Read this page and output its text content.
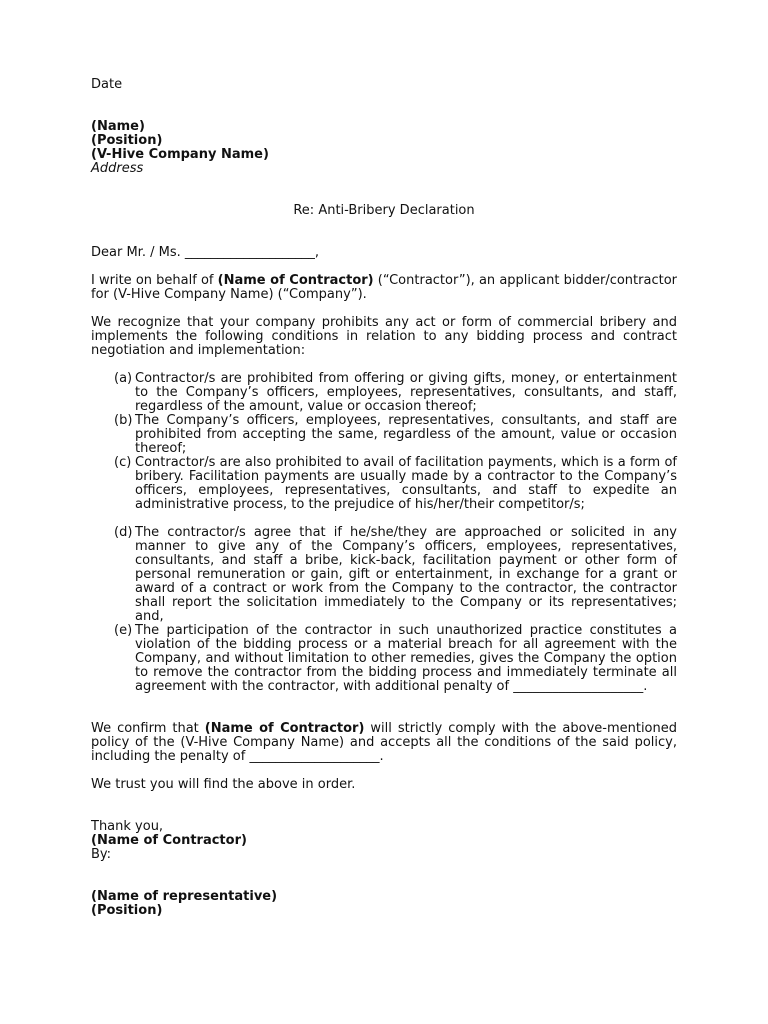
Date
(Name)
(Position)
(V-Hive Company Name)
Address
Re: Anti-Bribery Declaration
Dear Mr. / Ms. ____________________,
I write on behalf of (Name of Contractor) (“Contractor”), an applicant bidder/contractor for (V-Hive Company Name) (“Company”).
We recognize that your company prohibits any act or form of commercial bribery and implements the following conditions in relation to any bidding process and contract negotiation and implementation:
(a) Contractor/s are prohibited from offering or giving gifts, money, or entertainment to the Company’s officers, employees, representatives, consultants, and staff, regardless of the amount, value or occasion thereof;
(b) The Company’s officers, employees, representatives, consultants, and staff are prohibited from accepting the same, regardless of the amount, value or occasion thereof;
(c) Contractor/s are also prohibited to avail of facilitation payments, which is a form of bribery. Facilitation payments are usually made by a contractor to the Company’s officers, employees, representatives, consultants, and staff to expedite an administrative process, to the prejudice of his/her/their competitor/s;
(d) The contractor/s agree that if he/she/they are approached or solicited in any manner to give any of the Company’s officers, employees, representatives, consultants, and staff a bribe, kick-back, facilitation payment or other form of personal remuneration or gain, gift or entertainment, in exchange for a grant or award of a contract or work from the Company to the contractor, the contractor shall report the solicitation immediately to the Company or its representatives; and,
(e) The participation of the contractor in such unauthorized practice constitutes a violation of the bidding process or a material breach for all agreement with the Company, and without limitation to other remedies, gives the Company the option to remove the contractor from the bidding process and immediately terminate all agreement with the contractor, with additional penalty of ____________________.
We confirm that (Name of Contractor) will strictly comply with the above-mentioned policy of the (V-Hive Company Name) and accepts all the conditions of the said policy, including the penalty of ____________________.
We trust you will find the above in order.
Thank you,
(Name of Contractor)
By:
(Name of representative)
(Position)
